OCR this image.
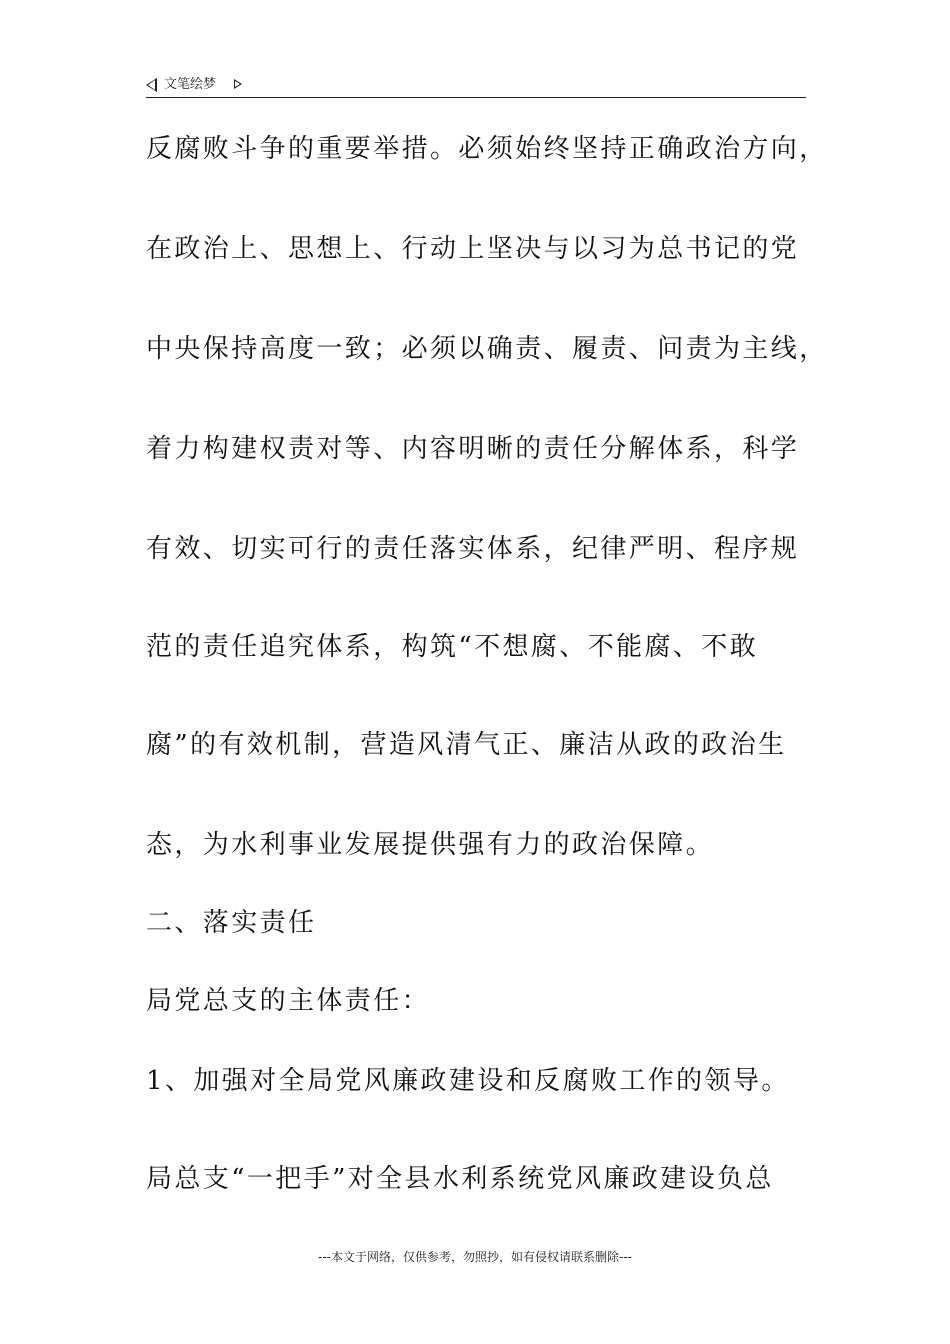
文笔绘梦
反腐败斗争的重要举措。必须始终坚持正确政治方向，
在政治上、思想上、行动上坚决与以习为总书记的党
中央保持高度一致；必须以确责、履责、问责为主线，
着力构建权责对等、内容明晰的责任分解体系，科学
有效、切实可行的责任落实体系，纪律严明、程序规
范的责任追究体系，构筑“不想腐、不能腐、不敢
腐”的有效机制，营造风清气正、廉洁从政的政治生
态，为水利事业发展提供强有力的政治保障。
二、落实责任
局党总支的主体责任：
1、加强对全局党风廉政建设和反腐败工作的领导。
局总支“一把手”对全县水利系统党风廉政建设负总
---本文于网络，仅供参考，勿照抄，如有侵权请联系删除---
